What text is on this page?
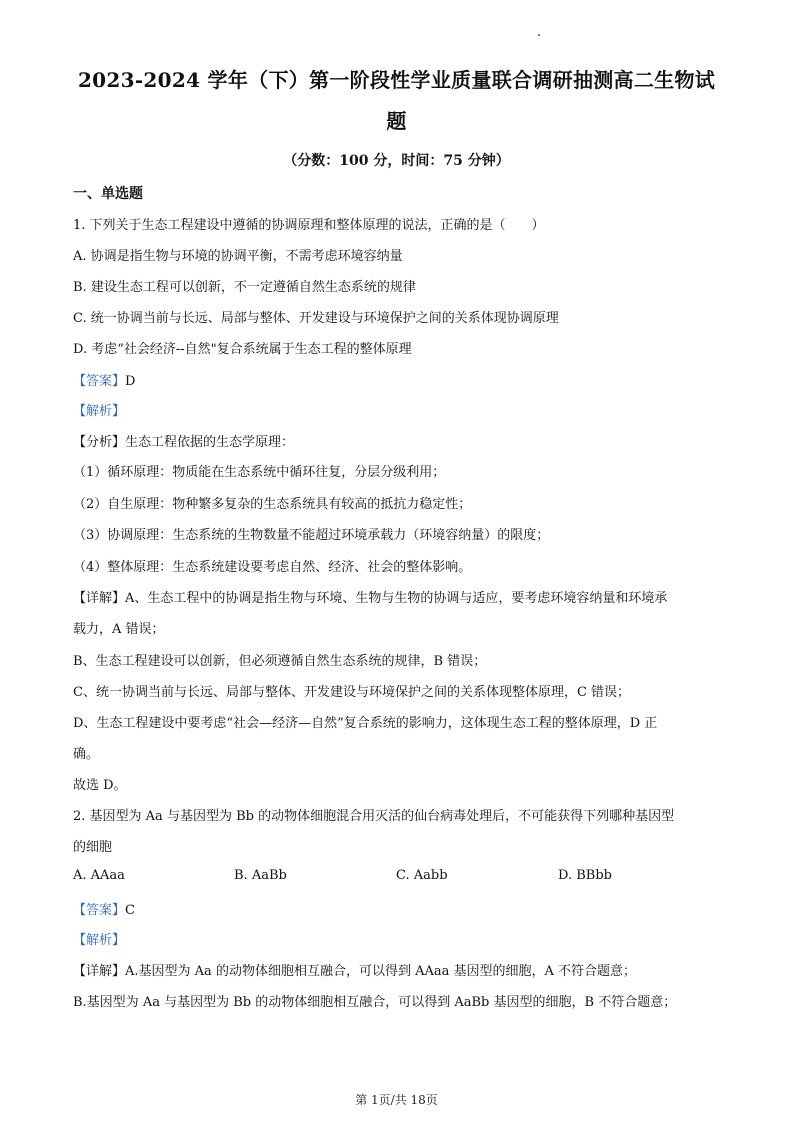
2023-2024 学年（下）第一阶段性学业质量联合调研抽测高二生物试
题
（分数：100 分，时间：75 分钟）
一、单选题
1. 下列关于生态工程建设中遵循的协调原理和整体原理的说法，正确的是（　　）
A. 协调是指生物与环境的协调平衡，不需考虑环境容纳量
B. 建设生态工程可以创新，不一定遵循自然生态系统的规律
C. 统一协调当前与长远、局部与整体、开发建设与环境保护之间的关系体现协调原理
D. 考虑“社会经济--自然"复合系统属于生态工程的整体原理
【答案】D
【解析】
【分析】生态工程依据的生态学原理：
（1）循环原理：物质能在生态系统中循环往复，分层分级利用；
（2）自生原理：物种繁多复杂的生态系统具有较高的抵抗力稳定性；
（3）协调原理：生态系统的生物数量不能超过环境承载力（环境容纳量）的限度；
（4）整体原理：生态系统建设要考虑自然、经济、社会的整体影响。
【详解】A、生态工程中的协调是指生物与环境、生物与生物的协调与适应，要考虑环境容纳量和环境承
载力，A 错误；
B、生态工程建设可以创新，但必须遵循自然生态系统的规律，B 错误；
C、统一协调当前与长远、局部与整体、开发建设与环境保护之间的关系体现整体原理，C 错误；
D、生态工程建设中要考虑“社会—经济—自然”复合系统的影响力，这体现生态工程的整体原理，D 正
确。
故选 D。
2. 基因型为 Aa 与基因型为 Bb 的动物体细胞混合用灭活的仙台病毒处理后，不可能获得下列哪种基因型
的细胞
A. AAaa	B. AaBb	C. Aabb	D. BBbb
【答案】C
【解析】
【详解】A.基因型为 Aa 的动物体细胞相互融合，可以得到 AAaa 基因型的细胞，A 不符合题意；
B.基因型为 Aa 与基因型为 Bb 的动物体细胞相互融合，可以得到 AaBb 基因型的细胞，B 不符合题意；
第 1页/共 18页
